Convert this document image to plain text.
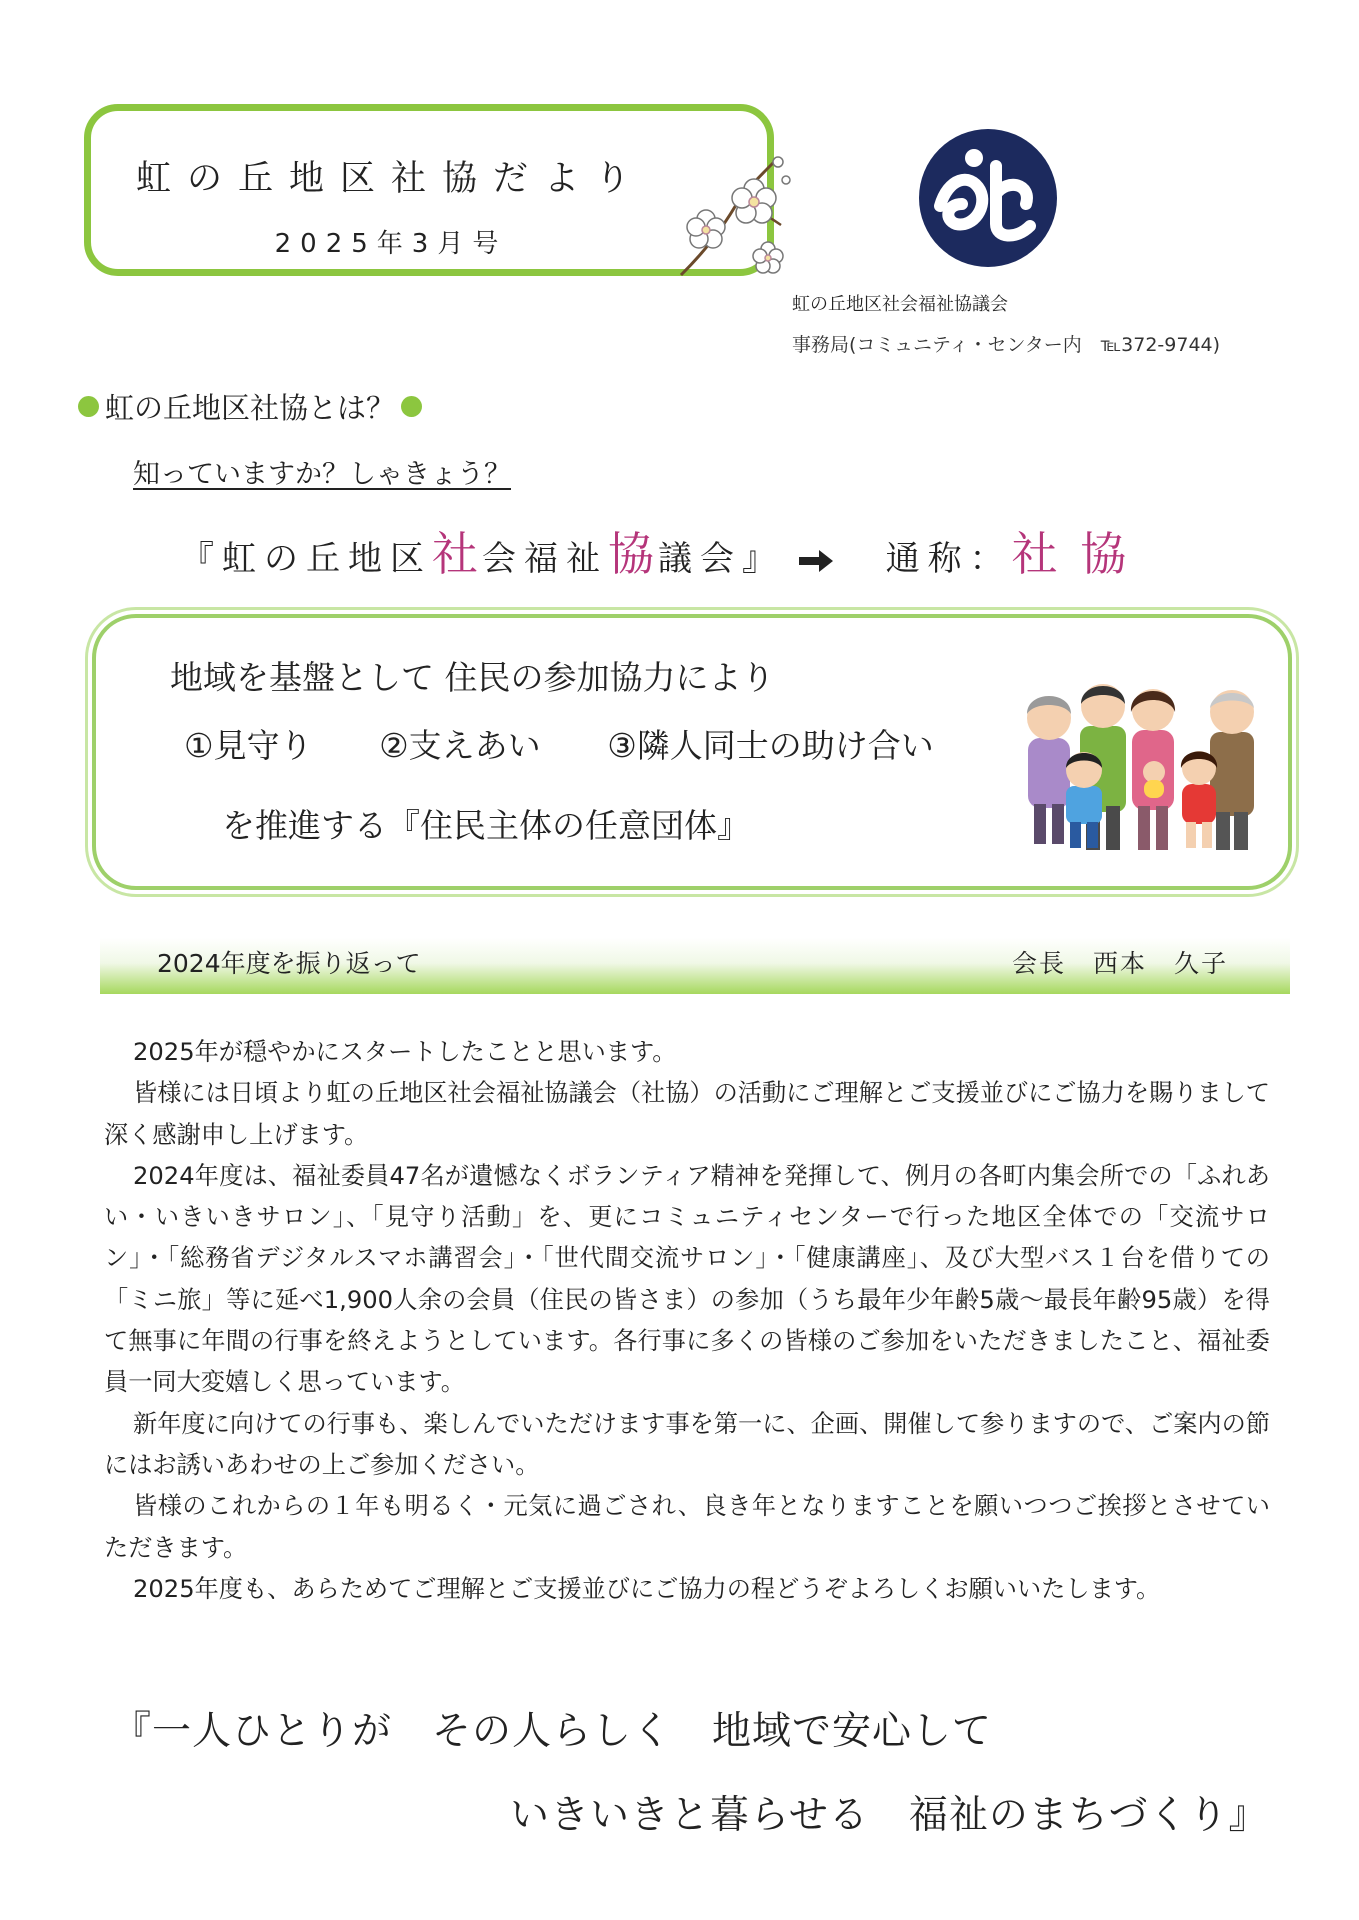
虹の丘地区社協だより
2025年3月号
虹の丘地区社会福祉協議会
事務局(コミュニティ・センター内　℡372-9744)
虹の丘地区社協とは？
知っていますか？しゃきょう？
『虹の丘地区社会福祉協議会』	通称：社 協
地域を基盤として 住民の参加協力により
①見守り ②支えあい ③隣人同士の助け合い
を推進する『住民主体の任意団体』
2024年度を振り返って	会長　西本　久子

2025年が穏やかにスタートしたことと思います。

皆様には日頃より虹の丘地区社会福祉協議会（社協）の活動にご理解とご支援並びにご協力を賜りまして深く感謝申し上げます。

2024年度は、福祉委員47名が遺憾なくボランティア精神を発揮して、例月の各町内集会所での「ふれあい・いきいきサロン」、「見守り活動」を、更にコミュニティセンターで行った地区全体での「交流サロン」・「総務省デジタルスマホ講習会」・「世代間交流サロン」・「健康講座」、及び大型バス１台を借りての「ミニ旅」等に延べ1,900人余の会員（住民の皆さま）の参加（うち最年少年齢5歳～最長年齢95歳）を得て無事に年間の行事を終えようとしています。各行事に多くの皆様のご参加をいただきましたこと、福祉委員一同大変嬉しく思っています。

新年度に向けての行事も、楽しんでいただけます事を第一に、企画、開催して参りますので、ご案内の節にはお誘いあわせの上ご参加ください。

皆様のこれからの１年も明るく・元気に過ごされ、良き年となりますことを願いつつご挨拶とさせていただきます。

2025年度も、あらためてご理解とご支援並びにご協力の程どうぞよろしくお願いいたします。

『一人ひとりが　その人らしく　地域で安心して
いきいきと暮らせる　福祉のまちづくり』
